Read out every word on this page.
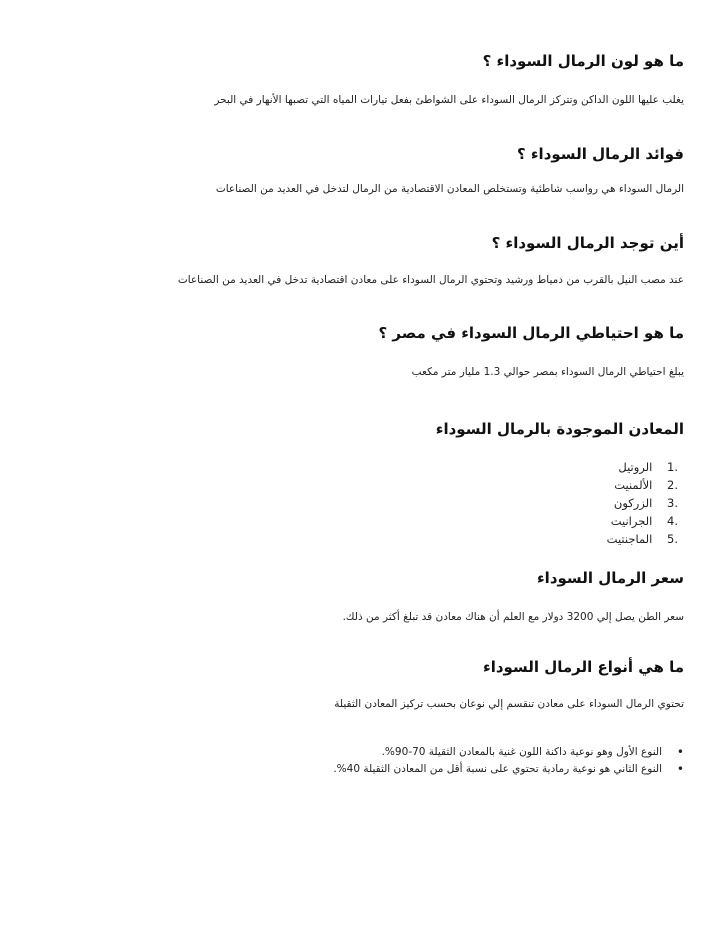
ما هو لون الرمال السوداء ؟

يغلب عليها اللون الداكن وتتركز الرمال السوداء على الشواطئ بفعل تيارات المياه التي تصبها الأنهار في البحر

فوائد الرمال السوداء ؟

الرمال السوداء هي رواسب شاطئية وتستخلص المعادن الاقتصادية من الرمال لتدخل في العديد من الصناعات

أين توجد الرمال السوداء ؟

عند مصب النيل بالقرب من دمياط ورشيد وتحتوي الرمال السوداء على معادن اقتصادية تدخل في العديد من الصناعات

ما هو احتياطي الرمال السوداء في مصر ؟

يبلغ احتياطي الرمال السوداء بمصر حوالي 1.3 مليار متر مكعب

المعادن الموجودة بالرمال السوداء
1. الروتيل
2. الألمنيت
3. الزركون
4. الجرانيت
5. الماجنتيت
سعر الرمال السوداء

سعر الطن يصل إلي 3200 دولار مع العلم أن هناك معادن قد تبلغ أكثر من ذلك.

ما هي أنواع الرمال السوداء

تحتوي الرمال السوداء على معادن تنقسم إلي نوعان بحسب تركيز المعادن الثقيلة

•
النوع الأول وهو نوعية داكنة اللون غنية بالمعادن الثقيلة 70-90%.
•
النوع الثاني هو نوعية رمادية تحتوي على نسبة أقل من المعادن الثقيلة 40%.
